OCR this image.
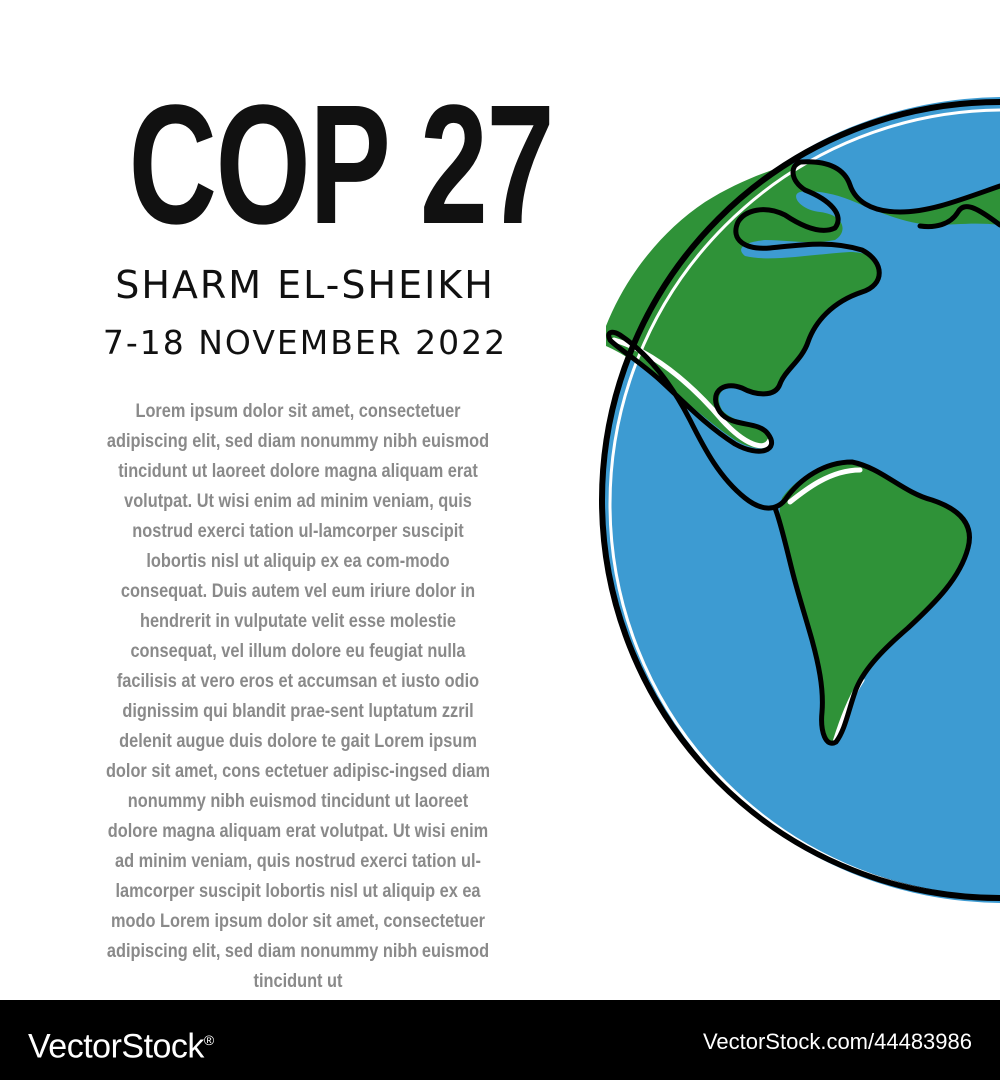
COP 27
SHARM EL-SHEIKH
7-18 NOVEMBER 2022
Lorem ipsum dolor sit amet, consectetuer adipiscing elit, sed diam nonummy nibh euismod tincidunt ut laoreet dolore magna aliquam erat volutpat. Ut wisi enim ad minim veniam, quis nostrud exerci tation ul-lamcorper suscipit lobortis nisl ut aliquip ex ea com-modo consequat. Duis autem vel eum iriure dolor in hendrerit in vulputate velit esse molestie consequat, vel illum dolore eu feugiat nulla facilisis at vero eros et accumsan et iusto odio dignissim qui blandit prae-sent luptatum zzril delenit augue duis dolore te gait Lorem ipsum dolor sit amet, cons ectetuer adipisc-ingsed diam nonummy nibh euismod tincidunt ut laoreet dolore magna aliquam erat volutpat. Ut wisi enim ad minim veniam, quis nostrud exerci tation ul-lamcorper suscipit lobortis nisl ut aliquip ex ea modo Lorem ipsum dolor sit amet, consectetuer adipiscing elit, sed diam nonummy nibh euismod tincidunt ut
VectorStock®	VectorStock.com/44483986
